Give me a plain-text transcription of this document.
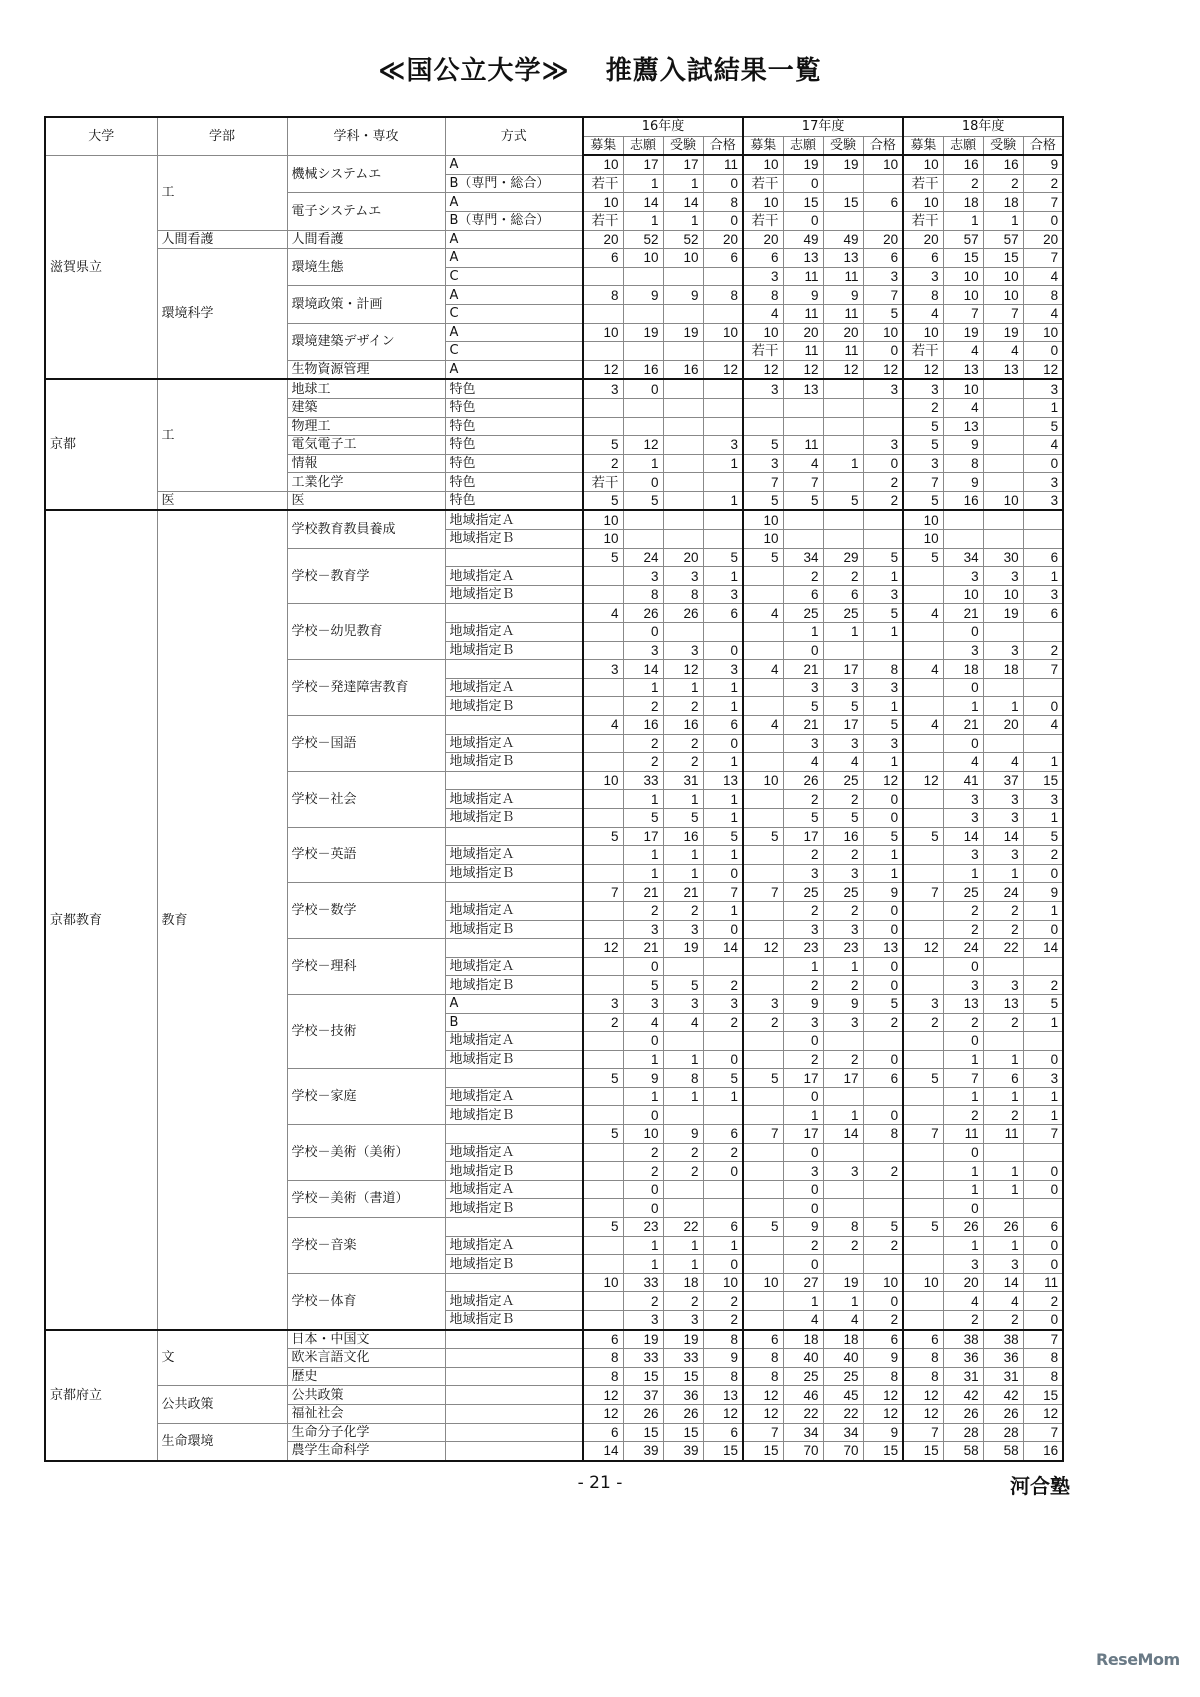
≪国公立大学≫ 推薦入試結果一覧
大学	学部	学科・専攻	方式	16年度				17年度				18年度			
				募集	志願	受験	合格	募集	志願	受験	合格	募集	志願	受験	合格
滋賀県立	工	機械システムエ	A	10	17	17	11	10	19	19	10	10	16	16	9
			B（専門・総合）	若干	1	1	0	若干	0			若干	2	2	2
		電子システムエ	A	10	14	14	8	10	15	15	6	10	18	18	7
			B（専門・総合）	若干	1	1	0	若干	0			若干	1	1	0
	人間看護	人間看護	A	20	52	52	20	20	49	49	20	20	57	57	20
	環境科学	環境生態	A	6	10	10	6	6	13	13	6	6	15	15	7
			C					3	11	11	3	3	10	10	4
		環境政策・計画	A	8	9	9	8	8	9	9	7	8	10	10	8
			C					4	11	11	5	4	7	7	4
		環境建築デザイン	A	10	19	19	10	10	20	20	10	10	19	19	10
			C					若干	11	11	0	若干	4	4	0
		生物資源管理	A	12	16	16	12	12	12	12	12	12	13	13	12
京都	工	地球工	特色	3	0			3	13		3	3	10		3
		建築	特色									2	4		1
		物理工	特色									5	13		5
		電気電子工	特色	5	12		3	5	11		3	5	9		4
		情報	特色	2	1		1	3	4	1	0	3	8		0
		工業化学	特色	若干	0			7	7		2	7	9		3
	医	医	特色	5	5		1	5	5	5	2	5	16	10	3
京都教育	教育	学校教育教員養成	地域指定Ａ	10				10				10			
			地域指定Ｂ	10				10				10			
		学校－教育学		5	24	20	5	5	34	29	5	5	34	30	6
			地域指定Ａ		3	3	1		2	2	1		3	3	1
			地域指定Ｂ		8	8	3		6	6	3		10	10	3
		学校－幼児教育		4	26	26	6	4	25	25	5	4	21	19	6
			地域指定Ａ		0				1	1	1		0		
			地域指定Ｂ		3	3	0		0				3	3	2
		学校－発達障害教育		3	14	12	3	4	21	17	8	4	18	18	7
			地域指定Ａ		1	1	1		3	3	3		0		
			地域指定Ｂ		2	2	1		5	5	1		1	1	0
		学校－国語		4	16	16	6	4	21	17	5	4	21	20	4
			地域指定Ａ		2	2	0		3	3	3		0		
			地域指定Ｂ		2	2	1		4	4	1		4	4	1
		学校－社会		10	33	31	13	10	26	25	12	12	41	37	15
			地域指定Ａ		1	1	1		2	2	0		3	3	3
			地域指定Ｂ		5	5	1		5	5	0		3	3	1
		学校－英語		5	17	16	5	5	17	16	5	5	14	14	5
			地域指定Ａ		1	1	1		2	2	1		3	3	2
			地域指定Ｂ		1	1	0		3	3	1		1	1	0
		学校－数学		7	21	21	7	7	25	25	9	7	25	24	9
			地域指定Ａ		2	2	1		2	2	0		2	2	1
			地域指定Ｂ		3	3	0		3	3	0		2	2	0
		学校－理科		12	21	19	14	12	23	23	13	12	24	22	14
			地域指定Ａ		0				1	1	0		0		
			地域指定Ｂ		5	5	2		2	2	0		3	3	2
		学校－技術	A	3	3	3	3	3	9	9	5	3	13	13	5
			B	2	4	4	2	2	3	3	2	2	2	2	1
			地域指定Ａ		0				0				0		
			地域指定Ｂ		1	1	0		2	2	0		1	1	0
		学校－家庭		5	9	8	5	5	17	17	6	5	7	6	3
			地域指定Ａ		1	1	1		0				1	1	1
			地域指定Ｂ		0				1	1	0		2	2	1
		学校－美術（美術）		5	10	9	6	7	17	14	8	7	11	11	7
			地域指定Ａ		2	2	2		0				0		
			地域指定Ｂ		2	2	0		3	3	2		1	1	0
		学校－美術（書道）	地域指定Ａ		0				0				1	1	0
			地域指定Ｂ		0				0				0		
		学校－音楽		5	23	22	6	5	9	8	5	5	26	26	6
			地域指定Ａ		1	1	1		2	2	2		1	1	0
			地域指定Ｂ		1	1	0		0				3	3	0
		学校－体育		10	33	18	10	10	27	19	10	10	20	14	11
			地域指定Ａ		2	2	2		1	1	0		4	4	2
			地域指定Ｂ		3	3	2		4	4	2		2	2	0
京都府立	文	日本・中国文		6	19	19	8	6	18	18	6	6	38	38	7
		欧米言語文化		8	33	33	9	8	40	40	9	8	36	36	8
		歴史		8	15	15	8	8	25	25	8	8	31	31	8
	公共政策	公共政策		12	37	36	13	12	46	45	12	12	42	42	15
		福祉社会		12	26	26	12	12	22	22	12	12	26	26	12
	生命環境	生命分子化学		6	15	15	6	7	34	34	9	7	28	28	7
		農学生命科学		14	39	39	15	15	70	70	15	15	58	58	16
- 21 -	河合塾
ReseMom
